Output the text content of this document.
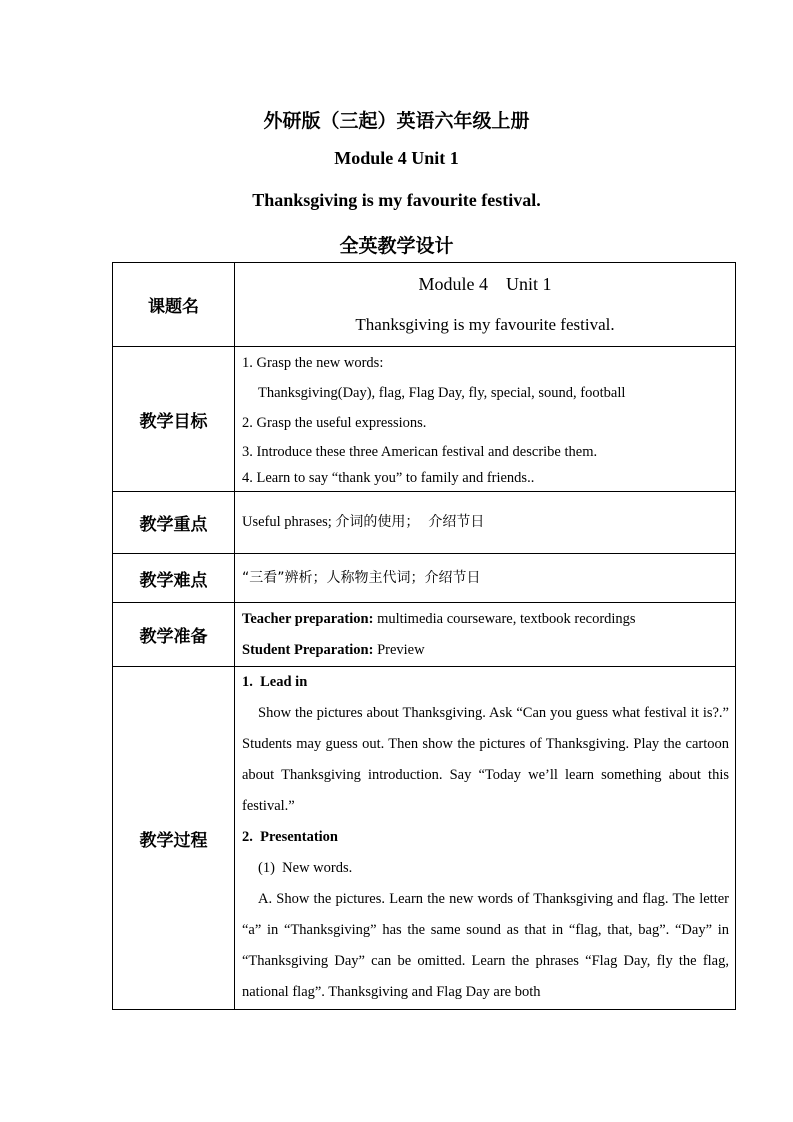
外研版（三起）英语六年级上册
Module 4 Unit 1
Thanksgiving is my favourite festival.
全英教学设计
课题名	Module 4    Unit 1
Thanksgiving is my favourite festival.

教学目标	1. Grasp the new words:
Thanksgiving(Day), flag, Flag Day, fly, special, sound, football
2. Grasp the useful expressions.
3. Introduce these three American festival and describe them.
4. Learn to say “thank you” to family and friends..

教学重点	Useful phrases; 介词的使用；  介绍节日
教学难点	“三看”辨析；人称物主代词；介绍节日
教学准备	Teacher preparation: multimedia courseware, textbook recordings
Student Preparation: Preview

教学过程	1.  Lead in
Show the pictures about Thanksgiving. Ask “Can you guess what festival it is?.” Students may guess out. Then show the pictures of Thanksgiving. Play the cartoon about Thanksgiving introduction. Say “Today we’ll learn something about this festival.”
2.  Presentation
(1)  New words.
A. Show the pictures. Learn the new words of Thanksgiving and flag. The letter “a” in “Thanksgiving” has the same sound as that in “flag, that, bag”. “Day” in “Thanksgiving Day” can be omitted. Learn the phrases “Flag Day, fly the flag, national flag”. Thanksgiving and Flag Day are both
